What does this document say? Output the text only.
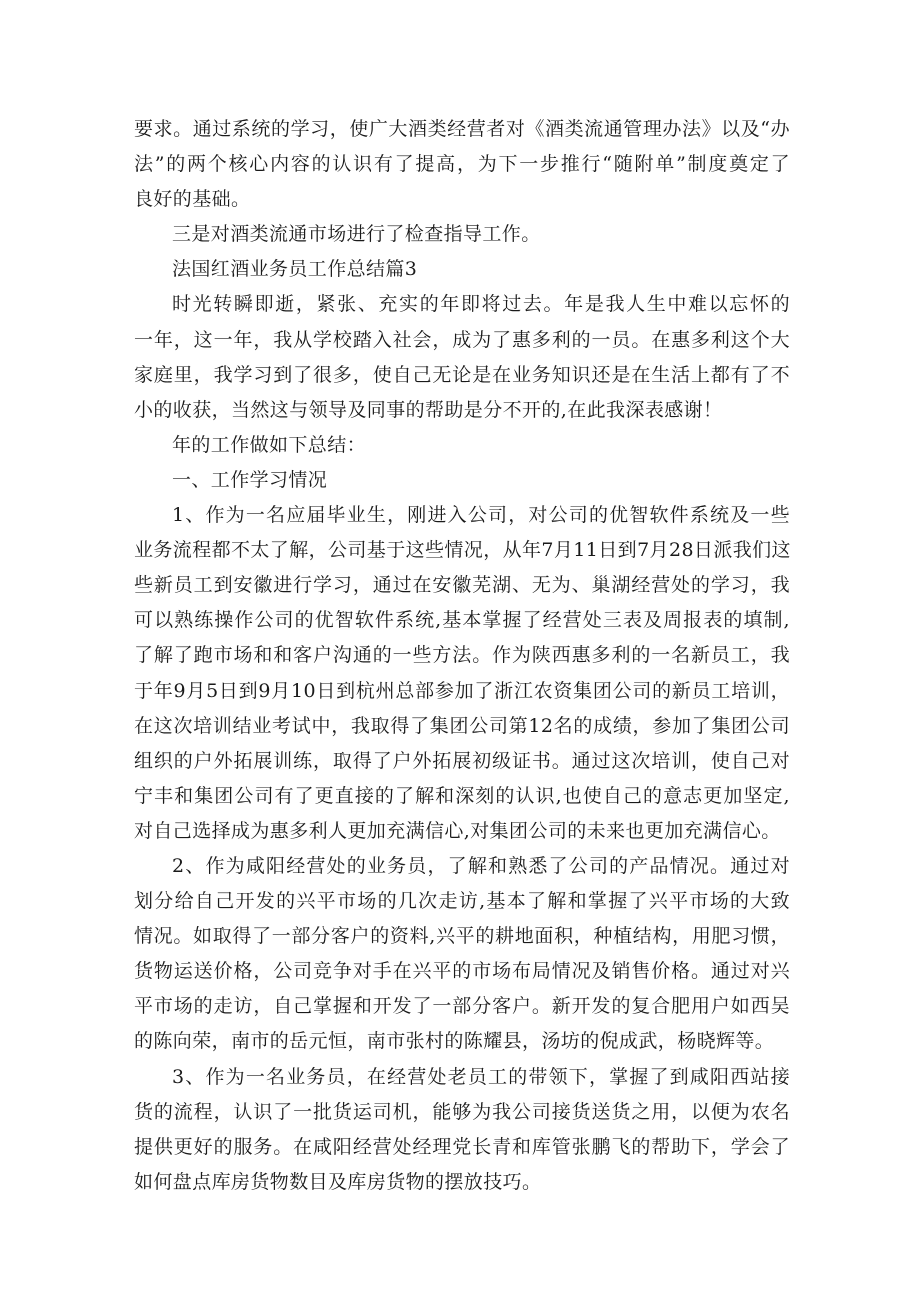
要求。通过系统的学习，使广大酒类经营者对《酒类流通管理办法》以及“办
法”的两个核心内容的认识有了提高，为下一步推行“随附单”制度奠定了
良好的基础。
三是对酒类流通市场进行了检查指导工作。
法国红酒业务员工作总结篇3
时光转瞬即逝，紧张、充实的年即将过去。年是我人生中难以忘怀的
一年，这一年，我从学校踏入社会，成为了惠多利的一员。在惠多利这个大
家庭里，我学习到了很多，使自己无论是在业务知识还是在生活上都有了不
小的收获，当然这与领导及同事的帮助是分不开的,在此我深表感谢！
年的工作做如下总结：
一、工作学习情况
1、作为一名应届毕业生，刚进入公司，对公司的优智软件系统及一些
业务流程都不太了解，公司基于这些情况，从年7月11日到7月28日派我们这
些新员工到安徽进行学习，通过在安徽芜湖、无为、巢湖经营处的学习，我
可以熟练操作公司的优智软件系统,基本掌握了经营处三表及周报表的填制,
了解了跑市场和和客户沟通的一些方法。作为陕西惠多利的一名新员工，我
于年9月5日到9月10日到杭州总部参加了浙江农资集团公司的新员工培训，
在这次培训结业考试中，我取得了集团公司第12名的成绩，参加了集团公司
组织的户外拓展训练，取得了户外拓展初级证书。通过这次培训，使自己对
宁丰和集团公司有了更直接的了解和深刻的认识,也使自己的意志更加坚定,
对自己选择成为惠多利人更加充满信心,对集团公司的未来也更加充满信心。
2、作为咸阳经营处的业务员，了解和熟悉了公司的产品情况。通过对
划分给自己开发的兴平市场的几次走访,基本了解和掌握了兴平市场的大致
情况。如取得了一部分客户的资料,兴平的耕地面积，种植结构，用肥习惯，
货物运送价格，公司竞争对手在兴平的市场布局情况及销售价格。通过对兴
平市场的走访，自己掌握和开发了一部分客户。新开发的复合肥用户如西吴
的陈向荣，南市的岳元恒，南市张村的陈耀县，汤坊的倪成武，杨晓辉等。
3、作为一名业务员，在经营处老员工的带领下，掌握了到咸阳西站接
货的流程，认识了一批货运司机，能够为我公司接货送货之用，以便为农名
提供更好的服务。在咸阳经营处经理党长青和库管张鹏飞的帮助下，学会了
如何盘点库房货物数目及库房货物的摆放技巧。
